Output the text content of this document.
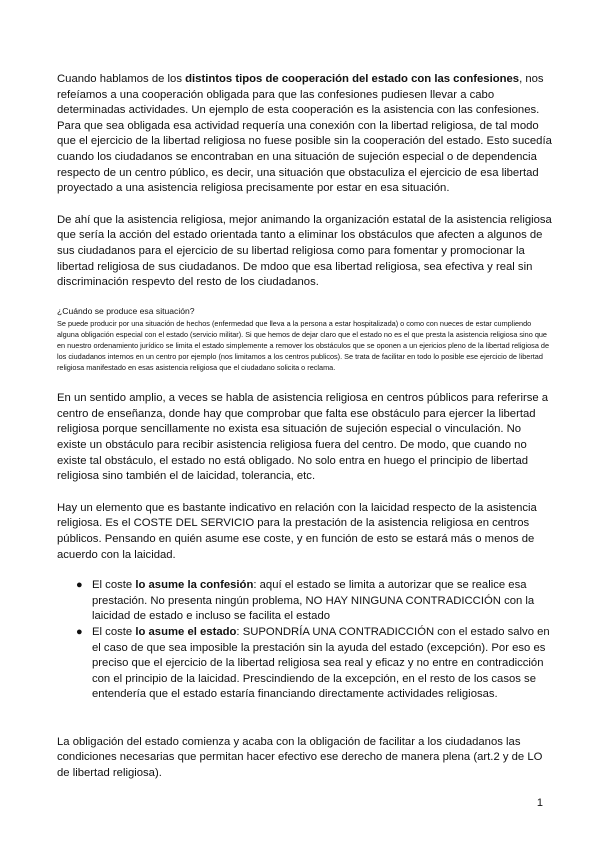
Cuando hablamos de los distintos tipos de cooperación del estado con las confesiones, nos refeíamos a una cooperación obligada para que las confesiones pudiesen llevar a cabo determinadas actividades. Un ejemplo de esta cooperación es la asistencia con las confesiones. Para que sea obligada esa actividad requería una conexión con la libertad religiosa, de tal modo que el ejercicio de la libertad religiosa no fuese posible sin la cooperación del estado. Esto sucedía cuando los ciudadanos se encontraban en una situación de sujeción especial o de dependencia respecto de un centro público, es decir, una situación que obstaculiza el ejercicio de esa libertad proyectado a una asistencia religiosa precisamente por estar en esa situación.

De ahí que la asistencia religiosa, mejor animando la organización estatal de la asistencia religiosa que sería la acción del estado orientada tanto a eliminar los obstáculos que afecten a algunos de sus ciudadanos para el ejercicio de su libertad religiosa como para fomentar y promocionar la libertad religiosa de sus ciudadanos. De mdoo que esa libertad religiosa, sea efectiva y real sin discriminación respevto del resto de los ciudadanos.

¿Cuándo se produce esa situación?

Se puede producir por una situación de hechos (enfermedad que lleva a la persona a estar hospitalizada) o como con nueces de estar cumpliendo alguna obligación especial con el estado (servicio militar). Si que hemos de dejar claro que el estado no es el que presta la asistencia religiosa sino que en nuestro ordenamiento jurídico se limita el estado simplemente a remover los obstáculos que se oponen a un ejericios pleno de la libertad religiosa de los ciudadanos internos en un centro por ejemplo (nos limitamos a los centros publicos). Se trata de facilitar en todo lo posible ese ejercicio de libertad religiosa manifestado en esas asistencia religiosa que el ciudadano solicita o reclama.

En un sentido amplio, a veces se habla de asistencia religiosa en centros públicos para referirse a centro de enseñanza, donde hay que comprobar que falta ese obstáculo para ejercer la libertad religiosa porque sencillamente no exista esa situación de sujeción especial o vinculación. No existe un obstáculo para recibir asistencia religiosa fuera del centro. De modo, que cuando no existe tal obstáculo, el estado no está obligado. No solo entra en huego el principio de libertad religiosa sino también el de laicidad, tolerancia, etc.

Hay un elemento que es bastante indicativo en relación con la laicidad respecto de la asistencia religiosa. Es el COSTE DEL SERVICIO para la prestación de la asistencia religiosa en centros públicos. Pensando en quién asume ese coste, y en función de esto se estará más o menos de acuerdo con la laicidad.

● El coste lo asume la confesión: aquí el estado se limita a autorizar que se realice esa prestación. No presenta ningún problema, NO HAY NINGUNA CONTRADICCIÓN con la laicidad de estado e incluso se facilita el estado
● El coste lo asume el estado: SUPONDRÍA UNA CONTRADICCIÓN con el estado salvo en el caso de que sea imposible la prestación sin la ayuda del estado (excepción). Por eso es preciso que el ejercicio de la libertad religiosa sea real y eficaz y no entre en contradicción con el principio de la laicidad. Prescindiendo de la excepción, en el resto de los casos se entendería que el estado estaría financiando directamente actividades religiosas.

La obligación del estado comienza y acaba con la obligación de facilitar a los ciudadanos las condiciones necesarias que permitan hacer efectivo ese derecho de manera plena (art.2 y de LO de libertad religiosa).

1
